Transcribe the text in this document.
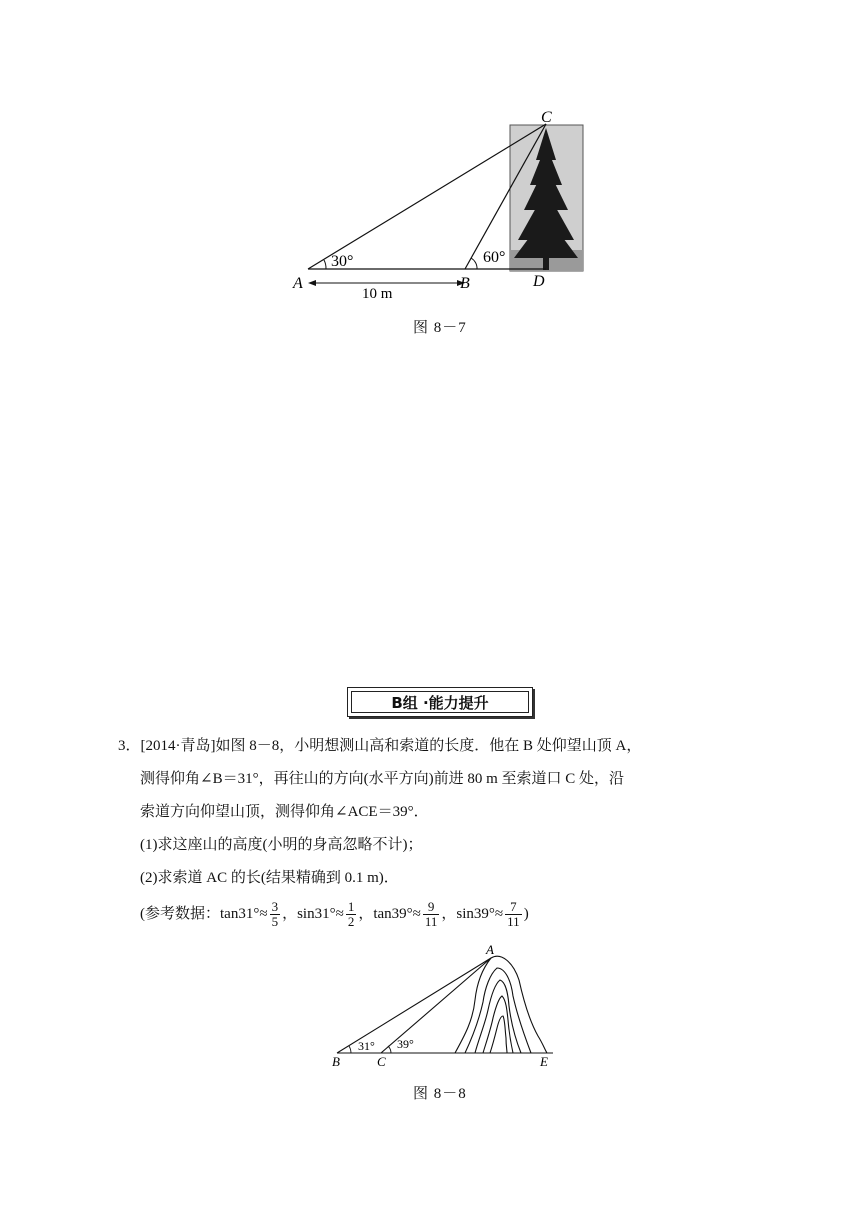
C
A	B	D
30°	60°
10 m
图 8－7
B组 ·能力提升
3．[2014·青岛]如图 8－8，小明想测山高和索道的长度．他在 B 处仰望山顶 A，
测得仰角∠B＝31°，再往山的方向(水平方向)前进 80 m 至索道口 C 处，沿
索道方向仰望山顶，测得仰角∠ACE＝39°．
(1)求这座山的高度(小明的身高忽略不计)；
(2)求索道 AC 的长(结果精确到 0.1 m)．
(参考数据：$\tan 31^\circ\approx \frac{3}{5}$ ，$\sin 31^\circ\approx \frac{1}{2}$ ，$\tan 39^\circ\approx \frac{9}{11}$ ，$\sin 39^\circ\approx \frac{7}{11}$ )
A
B	C	E
31° 39°
图 8－8
